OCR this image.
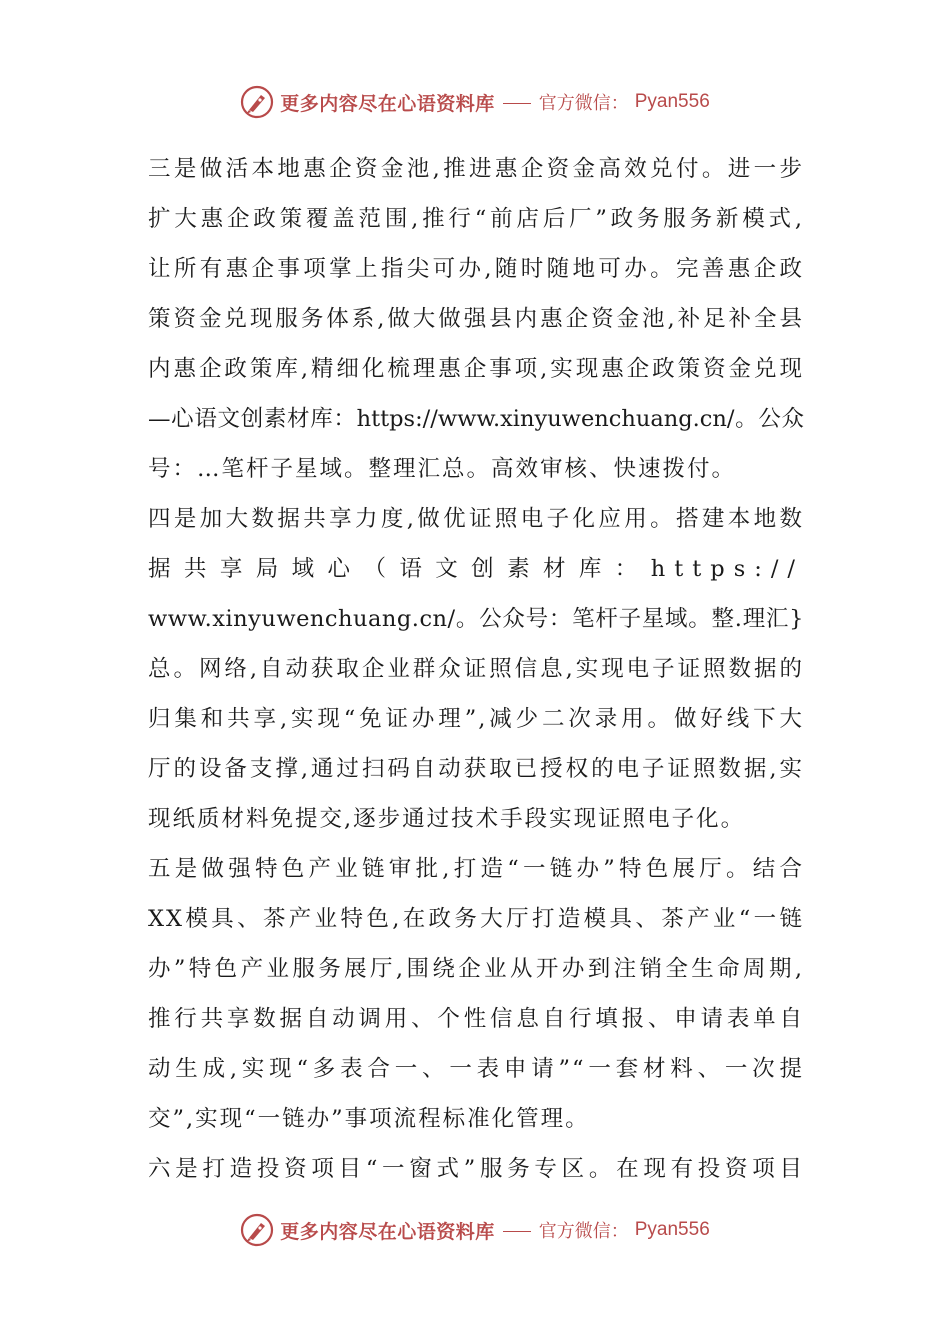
更多内容尽在心语资料库 官方微信： Pyan556

三是做活本地惠企资金池,推进惠企资金高效兑付。进一步
扩大惠企政策覆盖范围,推行“前店后厂”政务服务新模式,
让所有惠企事项掌上指尖可办,随时随地可办。完善惠企政
策资金兑现服务体系,做大做强县内惠企资金池,补足补全县
内惠企政策库,精细化梳理惠企事项,实现惠企政策资金兑现
—心语文创素材库：https://www.xinyuwenchuang.cn/。公众
号：…笔杆子星域。整理汇总。高效审核、快速拨付。

四是加大数据共享力度,做优证照电子化应用。搭建本地数
据共享局域心（语文创素材库：https://
www.xinyuwenchuang.cn/。公众号：笔杆子星域。整.理汇}
总。网络,自动获取企业群众证照信息,实现电子证照数据的
归集和共享,实现“免证办理”,减少二次录用。做好线下大
厅的设备支撑,通过扫码自动获取已授权的电子证照数据,实
现纸质材料免提交,逐步通过技术手段实现证照电子化。

五是做强特色产业链审批,打造“一链办”特色展厅。结合
XX模具、茶产业特色,在政务大厅打造模具、茶产业“一链
办”特色产业服务展厅,围绕企业从开办到注销全生命周期,
推行共享数据自动调用、个性信息自行填报、申请表单自
动生成,实现“多表合一、一表申请”“一套材料、一次提
交”,实现“一链办”事项流程标准化管理。

六是打造投资项目“一窗式”服务专区。在现有投资项目

更多内容尽在心语资料库 官方微信： Pyan556
